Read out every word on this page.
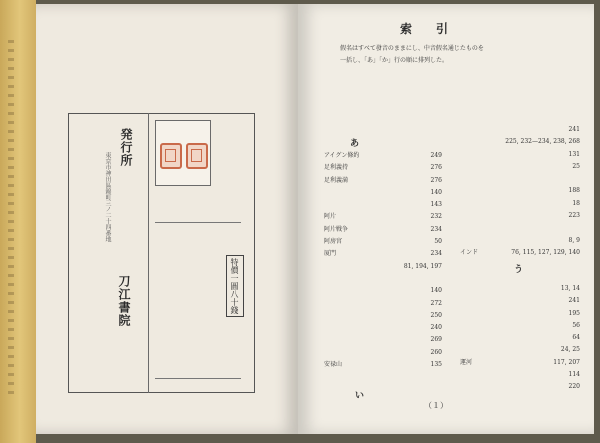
発行所
東京市神田區錦町三ノ二十四番地
刀江書院	特價一圓八十錢
索　引
假名はすべて發音のままにし、中音假名通じたものを
一括し、「あ」「か」行の順に排列した。
あ
アイグン條約	249
足利義持	276
足利義満	276
140
143
阿片	232
阿片戦争	234
阿房宮	50
厦門	234
81, 194, 197
140
272
250
240
269
260
安禄山	135
い
241
225, 232—234, 238, 268
131
25
188
18
223
8, 9
インド	76, 115, 127, 129, 140
う
13, 14
241
195
56
64
24, 25
運河	117, 207
114
220
（１）
